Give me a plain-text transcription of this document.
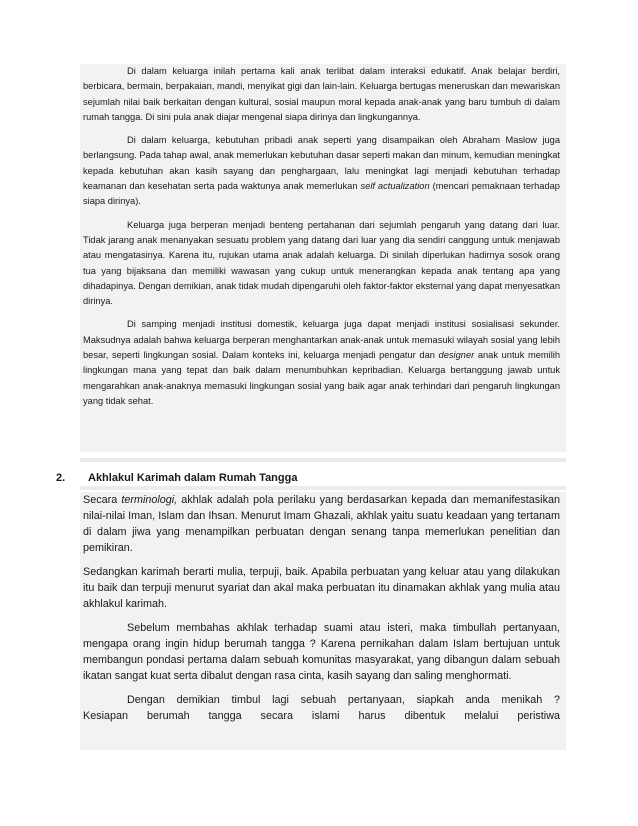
Di dalam keluarga inilah pertama kali anak terlibat dalam interaksi edukatif. Anak belajar berdiri, berbicara, bermain, berpakaian, mandi, menyikat gigi dan lain-lain. Keluarga bertugas meneruskan dan mewariskan sejumlah nilai baik berkaitan dengan kultural, sosial maupun moral kepada anak-anak yang baru tumbuh di dalam rumah tangga. Di sini pula anak diajar mengenal siapa dirinya dan lingkungannya.

Di dalam keluarga, kebutuhan pribadi anak seperti yang disampaikan oleh Abraham Maslow juga berlangsung. Pada tahap awal, anak memerlukan kebutuhan dasar seperti makan dan minum, kemudian meningkat kepada kebutuhan akan kasih sayang dan penghargaan, lalu meningkat lagi menjadi kebutuhan terhadap keamanan dan kesehatan serta pada waktunya anak memerlukan self actualization (mencari pemaknaan terhadap siapa dirinya).

Keluarga juga berperan menjadi benteng pertahanan dari sejumlah pengaruh yang datang dari luar. Tidak jarang anak menanyakan sesuatu problem yang datang dari luar yang dia sendiri canggung untuk menjawab atau mengatasinya. Karena itu, rujukan utama anak adalah keluarga. Di sinilah diperlukan hadirnya sosok orang tua yang bijaksana dan memiliki wawasan yang cukup untuk menerangkan kepada anak tentang apa yang dihadapinya. Dengan demikian, anak tidak mudah dipengaruhi oleh faktor-faktor eksternal yang dapat menyesatkan dirinya.

Di samping menjadi institusi domestik, keluarga juga dapat menjadi institusi sosialisasi sekunder. Maksudnya adalah bahwa keluarga berperan menghantarkan anak-anak untuk memasuki wilayah sosial yang lebih besar, seperti lingkungan sosial. Dalam konteks ini, keluarga menjadi pengatur dan designer anak untuk memilih lingkungan mana yang tepat dan baik dalam menumbuhkan kepribadian. Keluarga bertanggung jawab untuk mengarahkan anak-anaknya memasuki lingkungan sosial yang baik agar anak terhindari dari pengaruh lingkungan yang tidak sehat.

2. Akhlakul Karimah dalam Rumah Tangga

Secara terminologi, akhlak adalah pola perilaku yang berdasarkan kepada dan memanifestasikan nilai-nilai Iman, Islam dan Ihsan. Menurut Imam Ghazali, akhlak yaitu suatu keadaan yang tertanam di dalam jiwa yang menampilkan perbuatan dengan senang tanpa memerlukan penelitian dan pemikiran.

Sedangkan karimah berarti mulia, terpuji, baik. Apabila perbuatan yang keluar atau yang dilakukan itu baik dan terpuji menurut syariat dan akal maka perbuatan itu dinamakan akhlak yang mulia atau akhlakul karimah.

Sebelum membahas akhlak terhadap suami atau isteri, maka timbullah pertanyaan, mengapa orang ingin hidup berumah tangga ? Karena pernikahan dalam Islam bertujuan untuk membangun pondasi pertama dalam sebuah komunitas masyarakat, yang dibangun dalam sebuah ikatan sangat kuat serta dibalut dengan rasa cinta, kasih sayang dan saling menghormati.

Dengan demikian timbul lagi sebuah pertanyaan, siapkah anda menikah ?
Kesiapan berumah tangga secara islami harus dibentuk melalui peristiwa
